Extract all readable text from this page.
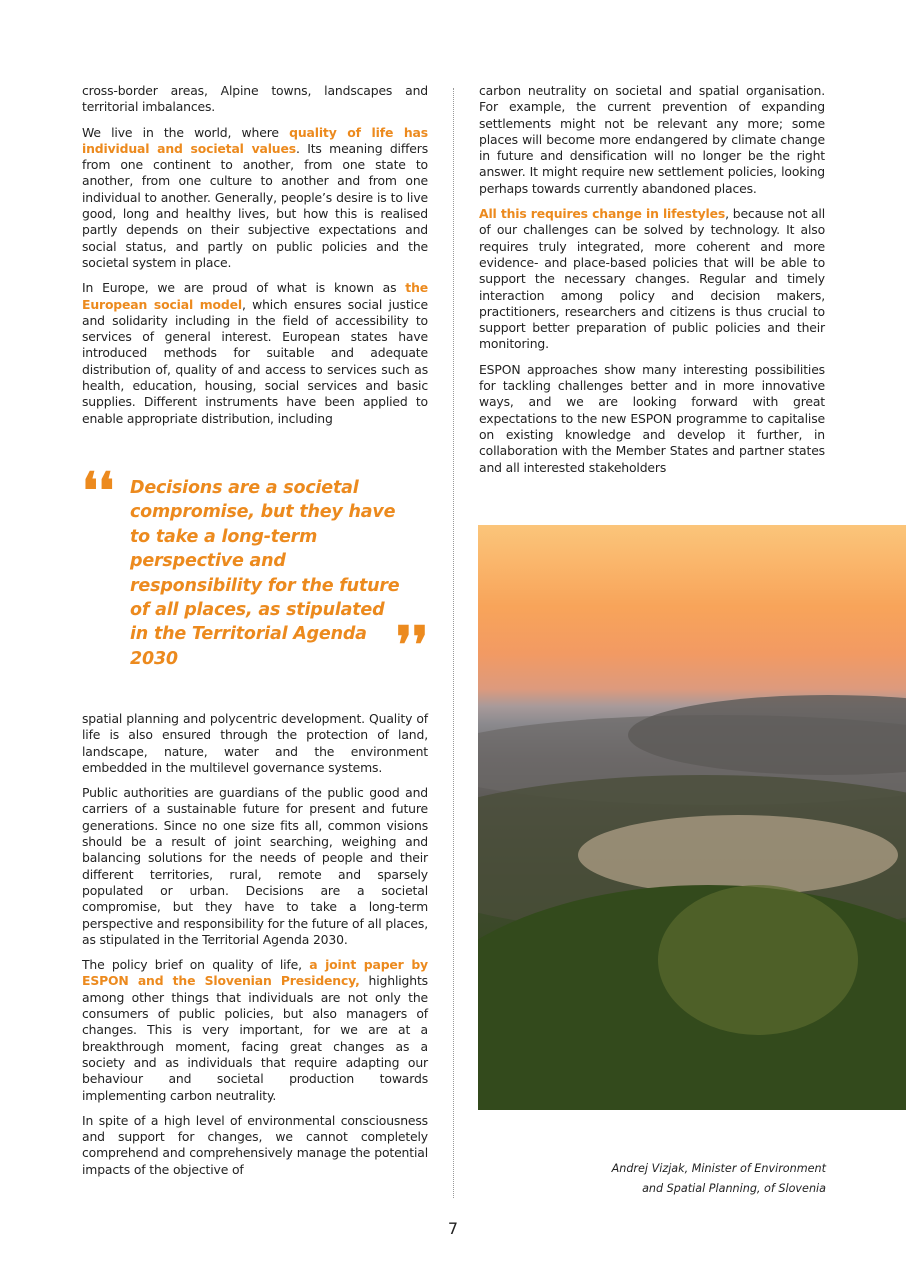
cross-border areas, Alpine towns, landscapes and territorial imbalances.

We live in the world, where quality of life has individual and societal values. Its meaning differs from one continent to another, from one state to another, from one culture to another and from one individual to another. Generally, people’s desire is to live good, long and healthy lives, but how this is realised partly depends on their subjective expectations and social status, and partly on public policies and the societal system in place.

In Europe, we are proud of what is known as the European social model, which ensures social justice and solidarity including in the field of accessibility to services of general interest. European states have introduced methods for suitable and adequate distribution of, quality of and access to services such as health, education, housing, social services and basic supplies. Different instruments have been applied to enable appropriate distribution, including

❛❛ Decisions are a societal compromise, but they have to take a long-term perspective and responsibility for the future of all places, as stipulated in the Territorial Agenda 2030	❜❜

spatial planning and polycentric development. Quality of life is also ensured through the protection of land, landscape, nature, water and the environment embedded in the multilevel governance systems.

Public authorities are guardians of the public good and carriers of a sustainable future for present and future generations. Since no one size fits all, common visions should be a result of joint searching, weighing and balancing solutions for the needs of people and their different territories, rural, remote and sparsely populated or urban. Decisions are a societal compromise, but they have to take a long-term perspective and responsibility for the future of all places, as stipulated in the Territorial Agenda 2030.

The policy brief on quality of life, a joint paper by ESPON and the Slovenian Presidency, highlights among other things that individuals are not only the consumers of public policies, but also managers of changes. This is very important, for we are at a breakthrough moment, facing great changes as a society and as individuals that require adapting our behaviour and societal production towards implementing carbon neutrality.

In spite of a high level of environmental consciousness and support for changes, we cannot completely comprehend and comprehensively manage the potential impacts of the objective of

carbon neutrality on societal and spatial organisation. For example, the current prevention of expanding settlements might not be relevant any more; some places will become more endangered by climate change in future and densification will no longer be the right answer. It might require new settlement policies, looking perhaps towards currently abandoned places.

All this requires change in lifestyles, because not all of our challenges can be solved by technology. It also requires truly integrated, more coherent and more evidence- and place-based policies that will be able to support the necessary changes. Regular and timely interaction among policy and decision makers, practitioners, researchers and citizens is thus crucial to support better preparation of public policies and their monitoring.

ESPON approaches show many interesting possibilities for tackling challenges better and in more innovative ways, and we are looking forward with great expectations to the new ESPON programme to capitalise on existing knowledge and develop it further, in collaboration with the Member States and partner states and all interested stakeholders

Andrej Vizjak, Minister of Environment
and Spatial Planning, of Slovenia
7
